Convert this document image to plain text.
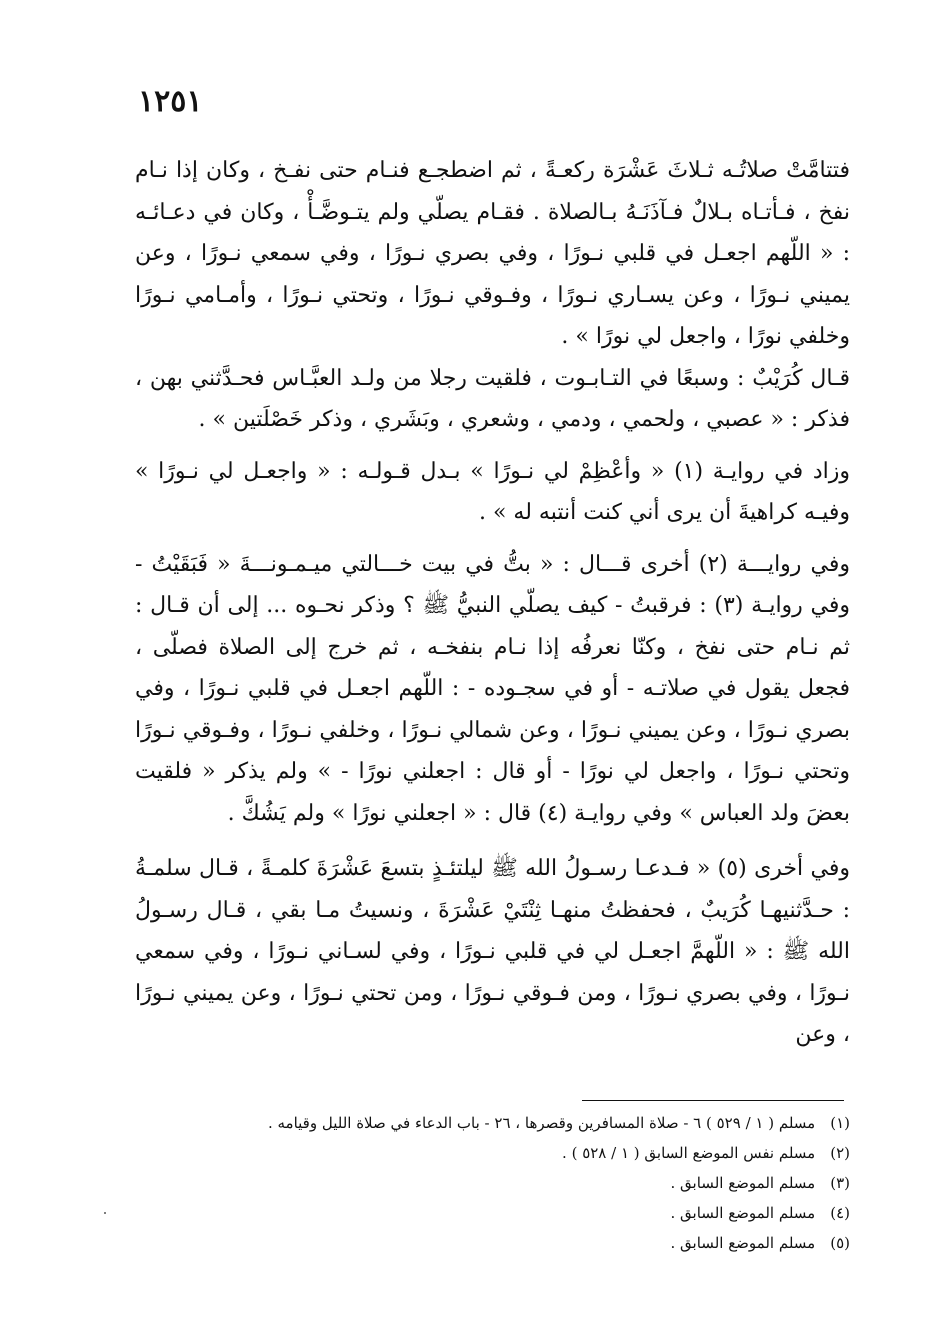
١٢٥١

فتتامَّتْ صلاتُـه ثـلاثَ عَشْرَة ركعـةً ، ثم اضطجـع فنـام حتى نفـخ ، وكان إذا نـام نفخ ، فـأتـاه بـلالٌ فـآذَنَـهُ بـالصلاة . فقـام يصلّي ولم يتـوضَّـأْ ، وكان في دعـائـه : « اللّهم اجعـل في قلبي نـورًا ، وفي بصري نـورًا ، وفي سمعي نـورًا ، وعن يميني نـورًا ، وعن يسـاري نـورًا ، وفـوقي نـورًا ، وتحتي نـورًا ، وأمـامي نـورًا وخلفي نورًا ، واجعل لي نورًا » .

قـال كُرَيْبٌ : وسبعًا في التـابـوت ، فلقيت رجلا من ولـد العبَّـاس فحـدَّثني بهن ، فذكر : « عصبي ، ولحمي ، ودمي ، وشعري ، وبَشَري ، وذكر خَصْلَتين » .

وزاد في روايـة (١) « وأعْظِمْ لي نـورًا » بـدل قـولـه : « واجعـل لي نـورًا » وفيـه كراهيةَ أن يرى أني كنت أنتبه له » .

وفي روايـــة (٢) أخرى قـــال : « بتُّ في بيت خـــالتي ميـمـونـــةَ « فَبَقَيْتُ - وفي روايـة (٣) : فرقبتُ - كيف يصلّي النبيُّ ﷺ ؟ وذكر نحـوه ... إلى أن قـال : ثم نـام حتى نفخ ، وكنّا نعرفُه إذا نـام بنفخـه ، ثم خرج إلى الصلاة فصلّى ، فجعل يقول في صلاتـه - أو في سجـوده - : اللّهم اجعـل في قلبي نـورًا ، وفي بصري نـورًا ، وعن يميني نـورًا ، وعن شمالي نـورًا ، وخلفي نـورًا ، وفـوقي نـورًا وتحتي نـورًا ، واجعل لي نورًا - أو قال : اجعلني نورًا - » ولم يذكر « فلقيت بعضَ ولد العباس » وفي روايـة (٤) قال : « اجعلني نورًا » ولم يَشُكَّ .

وفي أخرى (٥) « فـدعـا رسـولُ الله ﷺ ليلتئـذٍ بتسعَ عَشْرَةَ كلمـةً ، قـال سلمـةُ : حـدَّثنيهـا كُرَيبٌ ، فحفظتُ منهـا ثِنْتَيْ عَشْرَةَ ، ونسيتُ مـا بقي ، قـال رسـولُ الله ﷺ : « اللّهمَّ اجعـل لي في قلبي نـورًا ، وفي لسـاني نـورًا ، وفي سمعي نـورًا ، وفي بصري نـورًا ، ومن فـوقي نـورًا ، ومن تحتي نـورًا ، وعن يميني نـورًا ، وعن

(١) مسلم ( ١ / ٥٢٩ ) ٦ - صلاة المسافرين وقصرها ، ٢٦ - باب الدعاء في صلاة الليل وقيامه .

(٢) مسلم نفس الموضع السابق ( ١ / ٥٢٨ ) .

(٣) مسلم الموضع السابق .

(٤) مسلم الموضع السابق .

(٥) مسلم الموضع السابق .
